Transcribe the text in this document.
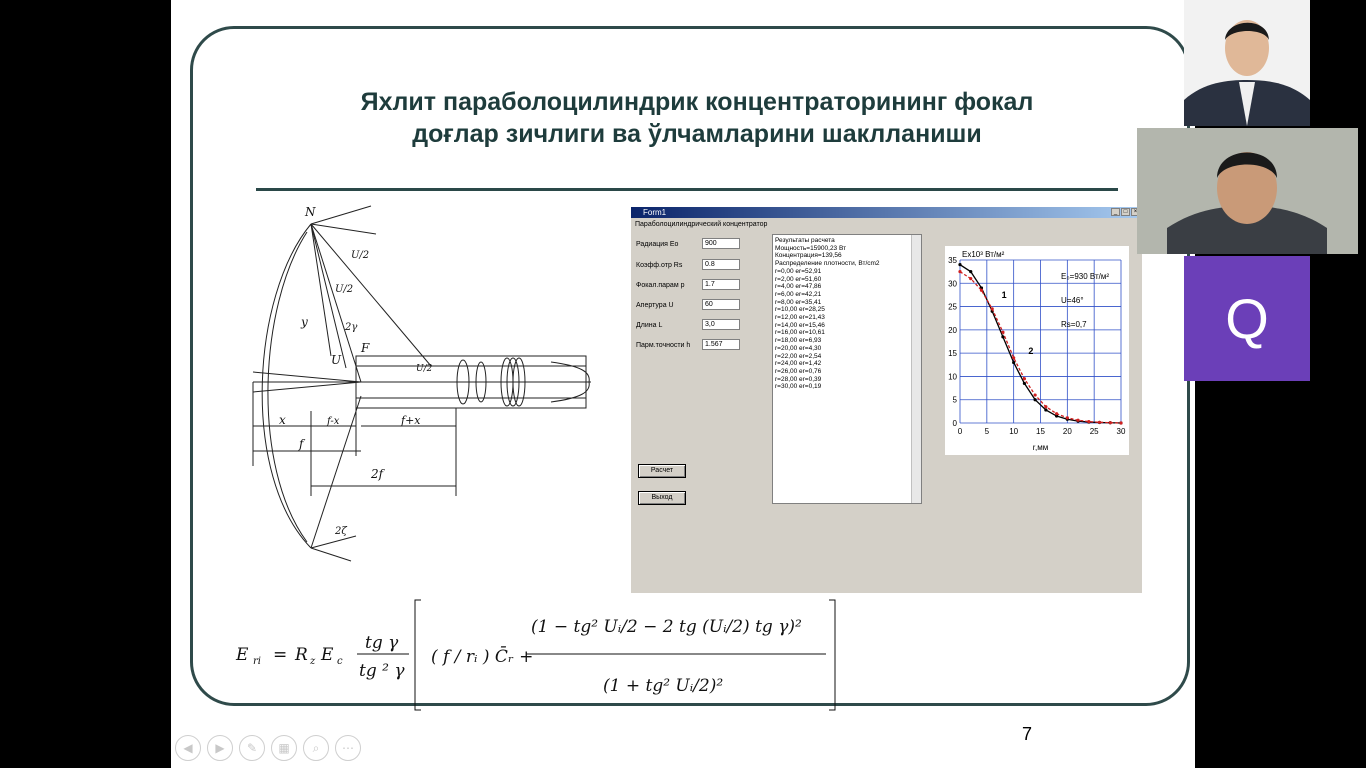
Яхлит параболоцилиндрик концентраторининг фокал
доғлар зичлиги ва ўлчамларини шаклланиши
N
y
U
F
U/2
U/2
U/2
2γ
2ζ
x	f-x	f+x
f
2f
Form1	_	□	×
Параболоцилиндрический концентратор
Радиация Eo	900
Коэфф.отр Rs	0.8
Фокал.парам р	1.7
Апертура U	60
Длина L	3,0
Парм.точности h	1.567
Расчет
Выход
Результаты расчета
Мощность=15900,23 Вт
Концентрация=139,56
Распределение плотности, Вт/cm2
r=0,00 er=52,91
r=2,00 er=51,60
r=4,00 er=47,86
r=6,00 er=42,21
r=8,00 er=35,41
r=10,00 er=28,25
r=12,00 er=21,43
r=14,00 er=15,46
r=16,00 er=10,61
r=18,00 er=6,93
r=20,00 er=4,30
r=22,00 er=2,54
r=24,00 er=1,42
r=26,00 er=0,76
r=28,00 er=0,39
r=30,00 er=0,19
0	5	10 15 20 25 30
0
5
10
15
20
25
30
35
Ex10³ Вт/м²
r,мм
E₀=930 Вт/м²
U=46°
Rs=0,7
1
2
E ri = R z E c
tg γ
tg ² γ
( f / rᵢ ) C̄ᵣ +
(1 − tg² Uᵢ/2 − 2 tg (Uᵢ/2) tg γ)²
(1 + tg² Uᵢ/2)²
7
◀	▶	✎	▦	⌕	⋯
Q
